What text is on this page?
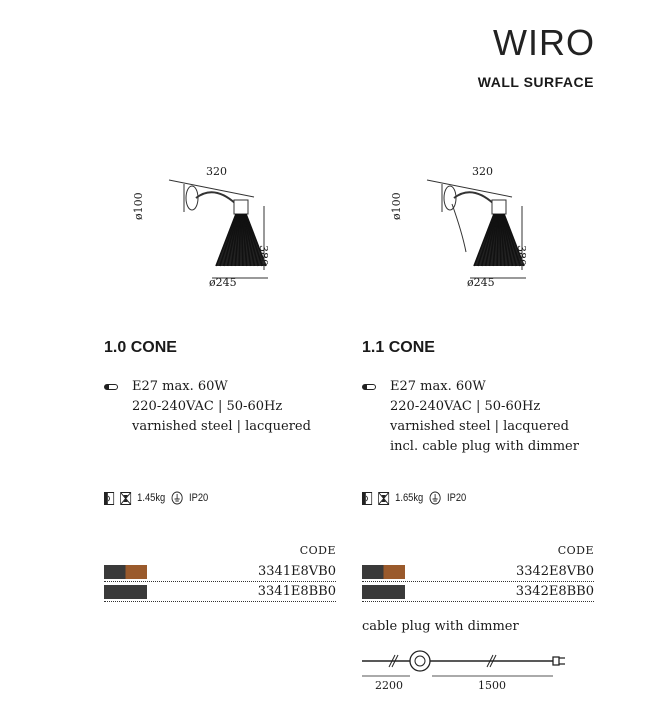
WIRO
WALL SURFACE
320
ø100
380
ø245
1.0 CONE
E27 max. 60W
220-240VAC | 50-60Hz
varnished steel | lacquered
1.45kg IP20
CODE
3341E8VB0
3341E8BB0
320
ø100
380
ø245
1.1 CONE
E27 max. 60W
220-240VAC | 50-60Hz
varnished steel | lacquered
incl. cable plug with dimmer
1.65kg IP20
CODE
3342E8VB0
3342E8BB0
cable plug with dimmer
2200	1500
